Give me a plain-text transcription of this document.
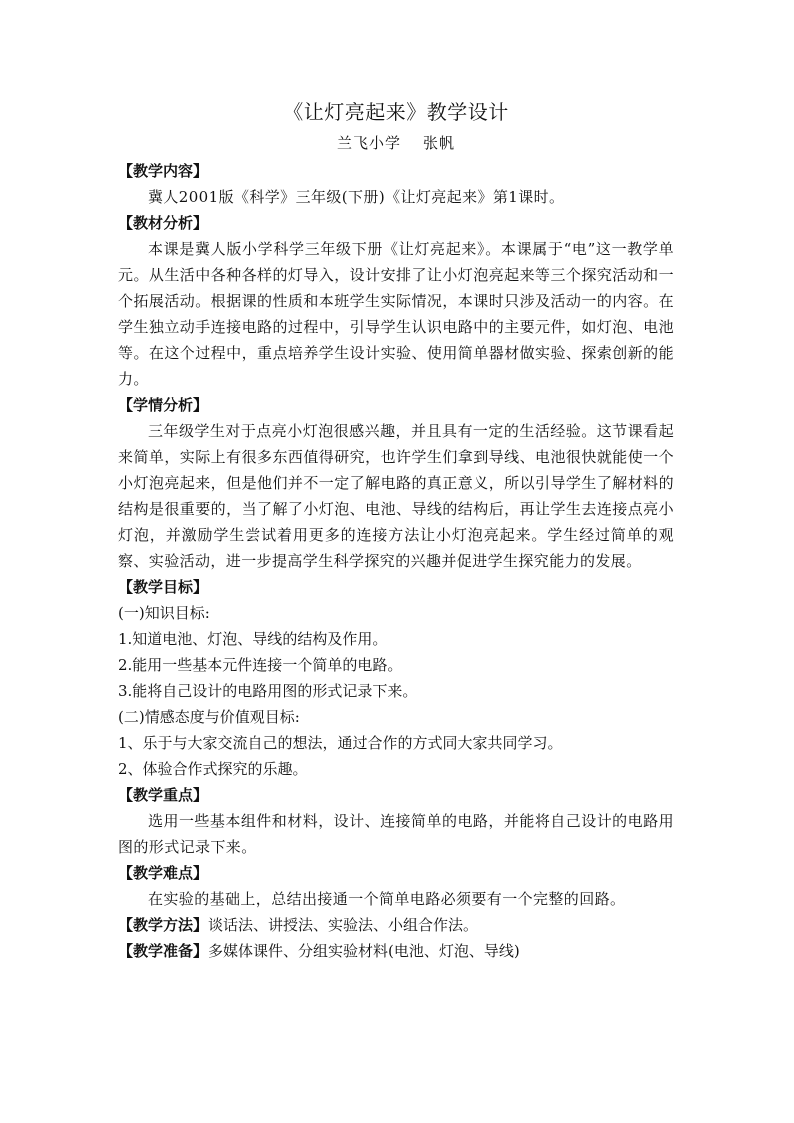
《让灯亮起来》教学设计
兰飞小学 张帆
【教学内容】
冀人2001版《科学》三年级(下册)《让灯亮起来》第1课时。
【教材分析】
本课是冀人版小学科学三年级下册《让灯亮起来》。本课属于“电”这一教学单元。从生活中各种各样的灯导入，设计安排了让小灯泡亮起来等三个探究活动和一个拓展活动。根据课的性质和本班学生实际情况，本课时只涉及活动一的内容。在学生独立动手连接电路的过程中，引导学生认识电路中的主要元件，如灯泡、电池等。在这个过程中，重点培养学生设计实验、使用简单器材做实验、探索创新的能力。
【学情分析】
三年级学生对于点亮小灯泡很感兴趣，并且具有一定的生活经验。这节课看起来简单，实际上有很多东西值得研究，也许学生们拿到导线、电池很快就能使一个小灯泡亮起来，但是他们并不一定了解电路的真正意义，所以引导学生了解材料的结构是很重要的，当了解了小灯泡、电池、导线的结构后，再让学生去连接点亮小灯泡，并激励学生尝试着用更多的连接方法让小灯泡亮起来。学生经过简单的观察、实验活动，进一步提高学生科学探究的兴趣并促进学生探究能力的发展。
【教学目标】
(一)知识目标:
1.知道电池、灯泡、导线的结构及作用。
2.能用一些基本元件连接一个简单的电路。
3.能将自己设计的电路用图的形式记录下来。
(二)情感态度与价值观目标:
1、乐于与大家交流自己的想法，通过合作的方式同大家共同学习。
2、体验合作式探究的乐趣。
【教学重点】
选用一些基本组件和材料，设计、连接简单的电路，并能将自己设计的电路用图的形式记录下来。
【教学难点】
在实验的基础上，总结出接通一个简单电路必须要有一个完整的回路。
【教学方法】谈话法、讲授法、实验法、小组合作法。
【教学准备】多媒体课件、分组实验材料(电池、灯泡、导线)
